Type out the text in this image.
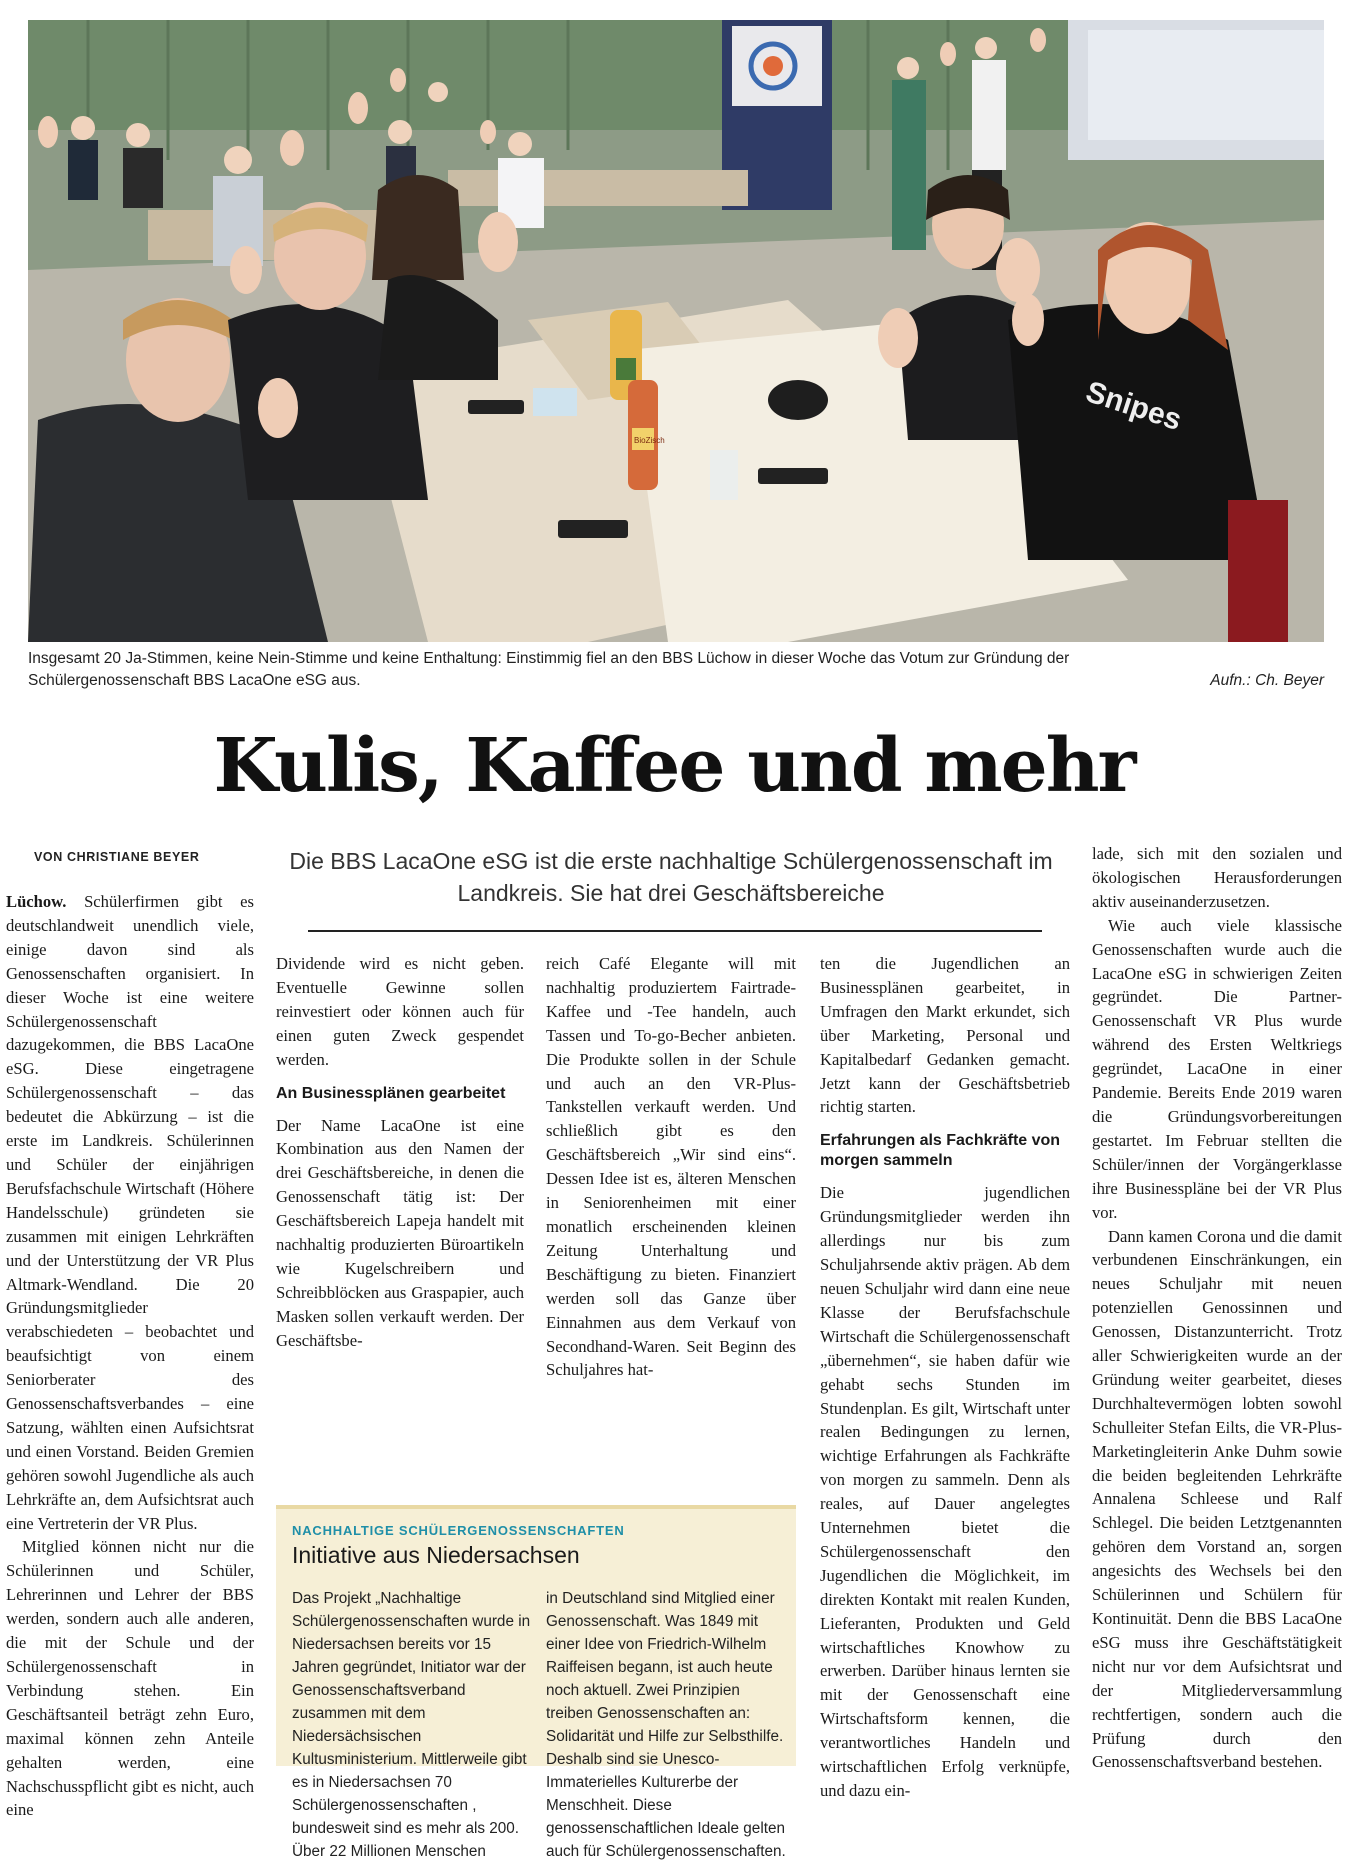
BioZisch
Snipes
Insgesamt 20 Ja-Stimmen, keine Nein-Stimme und keine Enthaltung: Einstimmig fiel an den BBS Lüchow in dieser Woche das Votum zur Gründung der Schülergenossenschaft BBS LacaOne eSG aus.	Aufn.: Ch. Beyer
Kulis, Kaffee und mehr
VON CHRISTIANE BEYER	Die BBS LacaOne eSG ist die erste nachhaltige Schülergenossenschaft im Landkreis. Sie hat drei Geschäftsbereiche

Lüchow. Schülerfirmen gibt es deutschlandweit unendlich viele, einige davon sind als Genossenschaften organisiert. In dieser Woche ist eine weitere Schülergenossenschaft dazugekommen, die BBS LacaOne eSG. Diese eingetragene Schülergenossenschaft – das bedeutet die Abkürzung – ist die erste im Landkreis. Schülerinnen und Schüler der einjährigen Berufsfachschule Wirtschaft (Höhere Handelsschule) gründeten sie zusammen mit einigen Lehrkräften und der Unterstützung der VR Plus Altmark-Wendland. Die 20 Gründungsmitglieder verabschiedeten – beobachtet und beaufsichtigt von einem Seniorberater des Genossenschaftsverbandes – eine Satzung, wählten einen Aufsichtsrat und einen Vorstand. Beiden Gremien gehören sowohl Jugendliche als auch Lehrkräfte an, dem Aufsichtsrat auch eine Vertreterin der VR Plus.

Mitglied können nicht nur die Schülerinnen und Schüler, Lehrerinnen und Lehrer der BBS werden, sondern auch alle anderen, die mit der Schule und der Schülergenossenschaft in Verbindung stehen. Ein Geschäftsanteil beträgt zehn Euro, maximal können zehn Anteile gehalten werden, eine Nachschusspflicht gibt es nicht, auch eine

Dividende wird es nicht geben. Eventuelle Gewinne sollen reinvestiert oder können auch für einen guten Zweck gespendet werden.

An Businessplänen gearbeitet

Der Name LacaOne ist eine Kombination aus den Namen der drei Geschäftsbereiche, in denen die Genossenschaft tätig ist: Der Geschäftsbereich Lapeja handelt mit nachhaltig produzierten Büroartikeln wie Kugelschreibern und Schreibblöcken aus Graspapier, auch Masken sollen verkauft werden. Der Geschäftsbe-

reich Café Elegante will mit nachhaltig produziertem Fairtrade-Kaffee und -Tee handeln, auch Tassen und To-go-Becher anbieten. Die Produkte sollen in der Schule und auch an den VR-Plus-Tankstellen verkauft werden. Und schließlich gibt es den Geschäftsbereich „Wir sind eins“. Dessen Idee ist es, älteren Menschen in Seniorenheimen mit einer monatlich erscheinenden kleinen Zeitung Unterhaltung und Beschäftigung zu bieten. Finanziert werden soll das Ganze über Einnahmen aus dem Verkauf von Secondhand-Waren. Seit Beginn des Schuljahres hat-

ten die Jugendlichen an Businessplänen gearbeitet, in Umfragen den Markt erkundet, sich über Marketing, Personal und Kapitalbedarf Gedanken gemacht. Jetzt kann der Geschäftsbetrieb richtig starten.

Erfahrungen als Fachkräfte von morgen sammeln

Die jugendlichen Gründungsmitglieder werden ihn allerdings nur bis zum Schuljahrsende aktiv prägen. Ab dem neuen Schuljahr wird dann eine neue Klasse der Berufsfachschule Wirtschaft die Schülergenossenschaft „übernehmen“, sie haben dafür wie gehabt sechs Stunden im Stundenplan. Es gilt, Wirtschaft unter realen Bedingungen zu lernen, wichtige Erfahrungen als Fachkräfte von morgen zu sammeln. Denn als reales, auf Dauer angelegtes Unternehmen bietet die Schülergenossenschaft den Jugendlichen die Möglichkeit, im direkten Kontakt mit realen Kunden, Lieferanten, Produkten und Geld wirtschaftliches Knowhow zu erwerben. Darüber hinaus lernten sie mit der Genossenschaft eine Wirtschaftsform kennen, die verantwortliches Handeln und wirtschaftlichen Erfolg verknüpfe, und dazu ein-

lade, sich mit den sozialen und ökologischen Herausforderungen aktiv auseinanderzusetzen.

Wie auch viele klassische Genossenschaften wurde auch die LacaOne eSG in schwierigen Zeiten gegründet. Die Partner-Genossenschaft VR Plus wurde während des Ersten Weltkriegs gegründet, LacaOne in einer Pandemie. Bereits Ende 2019 waren die Gründungsvorbereitungen gestartet. Im Februar stellten die Schüler/innen der Vorgängerklasse ihre Businesspläne bei der VR Plus vor.

Dann kamen Corona und die damit verbundenen Einschränkungen, ein neues Schuljahr mit neuen potenziellen Genossinnen und Genossen, Distanzunterricht. Trotz aller Schwierigkeiten wurde an der Gründung weiter gearbeitet, dieses Durchhaltevermögen lobten sowohl Schulleiter Stefan Eilts, die VR-Plus-Marketingleiterin Anke Duhm sowie die beiden begleitenden Lehrkräfte Annalena Schleese und Ralf Schlegel. Die beiden Letztgenannten gehören dem Vorstand an, sorgen angesichts des Wechsels bei den Schülerinnen und Schülern für Kontinuität. Denn die BBS LacaOne eSG muss ihre Geschäftstätigkeit nicht nur vor dem Aufsichtsrat und der Mitgliederversammlung rechtfertigen, sondern auch die Prüfung durch den Genossenschaftsverband bestehen.

NACHHALTIGE SCHÜLERGENOSSENSCHAFTEN
Initiative aus Niedersachsen

Das Projekt „Nachhaltige Schülergenossenschaften wurde in Niedersachsen bereits vor 15 Jahren gegründet, Initiator war der Genossenschaftsverband zusammen mit dem Niedersächsischen Kultusministerium. Mittlerweile gibt es in Niedersachsen 70 Schülergenossenschaften , bundesweit sind es mehr als 200.

Über 22 Millionen Menschen

in Deutschland sind Mitglied einer Genossenschaft. Was 1849 mit einer Idee von Friedrich-Wilhelm Raiffeisen begann, ist auch heute noch aktuell. Zwei Prinzipien treiben Genossenschaften an: Solidarität und Hilfe zur Selbsthilfe. Deshalb sind sie Unesco-Immaterielles Kulturerbe der Menschheit. Diese genossenschaftlichen Ideale gelten auch für Schülergenossenschaften.
